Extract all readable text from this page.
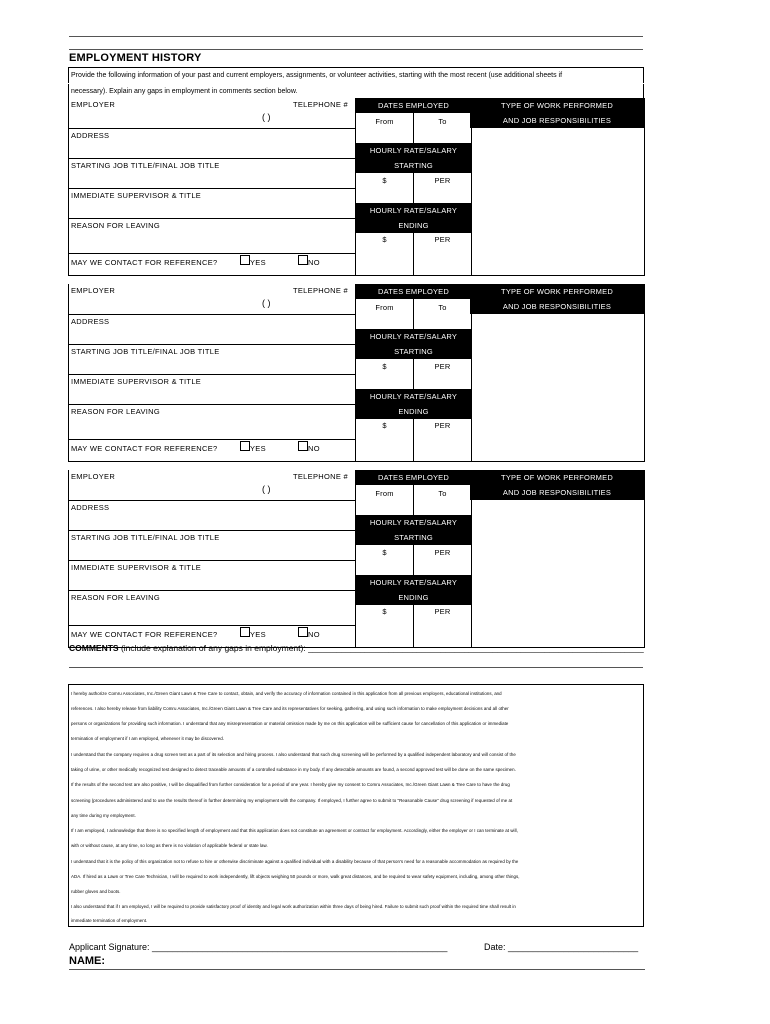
EMPLOYMENT HISTORY
Provide the following information of your past and current employers, assignments, or volunteer activities, starting with the most recent (use additional sheets if
necessary). Explain any gaps in employment in comments section below.
EMPLOYER	TELEPHONE #
( )
ADDRESS
STARTING JOB TITLE/FINAL JOB TITLE
IMMEDIATE SUPERVISOR & TITLE
REASON FOR LEAVING
MAY WE CONTACT FOR REFERENCE?	YES	NO
DATES EMPLOYED
From	To
HOURLY RATE/SALARY
STARTING
$	PER
HOURLY RATE/SALARY
ENDING
$	PER
TYPE OF WORK PERFORMED
AND JOB RESPONSIBILITIES
EMPLOYER	TELEPHONE #
( )
ADDRESS
STARTING JOB TITLE/FINAL JOB TITLE
IMMEDIATE SUPERVISOR & TITLE
REASON FOR LEAVING
MAY WE CONTACT FOR REFERENCE?	YES	NO
DATES EMPLOYED
From	To
HOURLY RATE/SALARY
STARTING
$	PER
HOURLY RATE/SALARY
ENDING
$	PER
TYPE OF WORK PERFORMED
AND JOB RESPONSIBILITIES
EMPLOYER	TELEPHONE #
( )
ADDRESS
STARTING JOB TITLE/FINAL JOB TITLE
IMMEDIATE SUPERVISOR & TITLE
REASON FOR LEAVING
MAY WE CONTACT FOR REFERENCE?	YES	NO
DATES EMPLOYED
From	To
HOURLY RATE/SALARY
STARTING
$	PER
HOURLY RATE/SALARY
ENDING
$	PER
TYPE OF WORK PERFORMED
AND JOB RESPONSIBILITIES
COMMENTS (include explanation of any gaps in employment): _______________________________________________________________________

I hereby authorize Comru Associates, Inc./Green Giant Lawn & Tree Care to contact, obtain, and verify the accuracy of information contained in this application from all previous employers, educational institutions, and

references. I also hereby release from liability Comru Associates, Inc./Green Giant Lawn & Tree Care and its representatives for seeking, gathering, and using such information to make employment decisions and all other

persons or organizations for providing such information. I understand that any misrepresentation or material omission made by me on this application will be sufficient cause for cancellation of this application or immediate

termination of employment if I am employed, whenever it may be discovered.

I understand that the company requires a drug screen test as a part of its selection and hiring process. I also understand that such drug screening will be performed by a qualified independent laboratory and will consist of the

taking of urine, or other medically recognized test designed to detect traceable amounts of a controlled substance in my body. If any detectable amounts are found, a second approved test will be done on the same specimen.

If the results of the second test are also positive, I will be disqualified from further consideration for a period of one year. I hereby give my consent to Comru Associates, Inc./Green Giant Lawn & Tree Care to have the drug

screening (procedures administered and to use the results thereof in further determining my employment with the company. If employed, I further agree to submit to "Reasonable Cause" drug screening if requested of me at

any time during my employment.

If I am employed, I acknowledge that there is no specified length of employment and that this application does not constitute an agreement or contract for employment. Accordingly, either the employer or I can terminate at will,

with or without cause, at any time, so long as there is no violation of applicable federal or state law.

I understand that it is the policy of this organization not to refuse to hire or otherwise discriminate against a qualified individual with a disability because of that person's need for a reasonable accommodation as required by the

ADA. If hired as a Lawn or Tree Care Technician, I will be required to work independently, lift objects weighing 50 pounds or more, walk great distances, and be required to wear safety equipment, including, among other things,

rubber gloves and boots.

I also understand that if I am employed, I will be required to provide satisfactory proof of identity and legal work authorization within three days of being hired. Failure to submit such proof within the required time shall result in

immediate termination of employment.

Applicant Signature: ___________________________________________________________	Date: __________________________
NAME:
